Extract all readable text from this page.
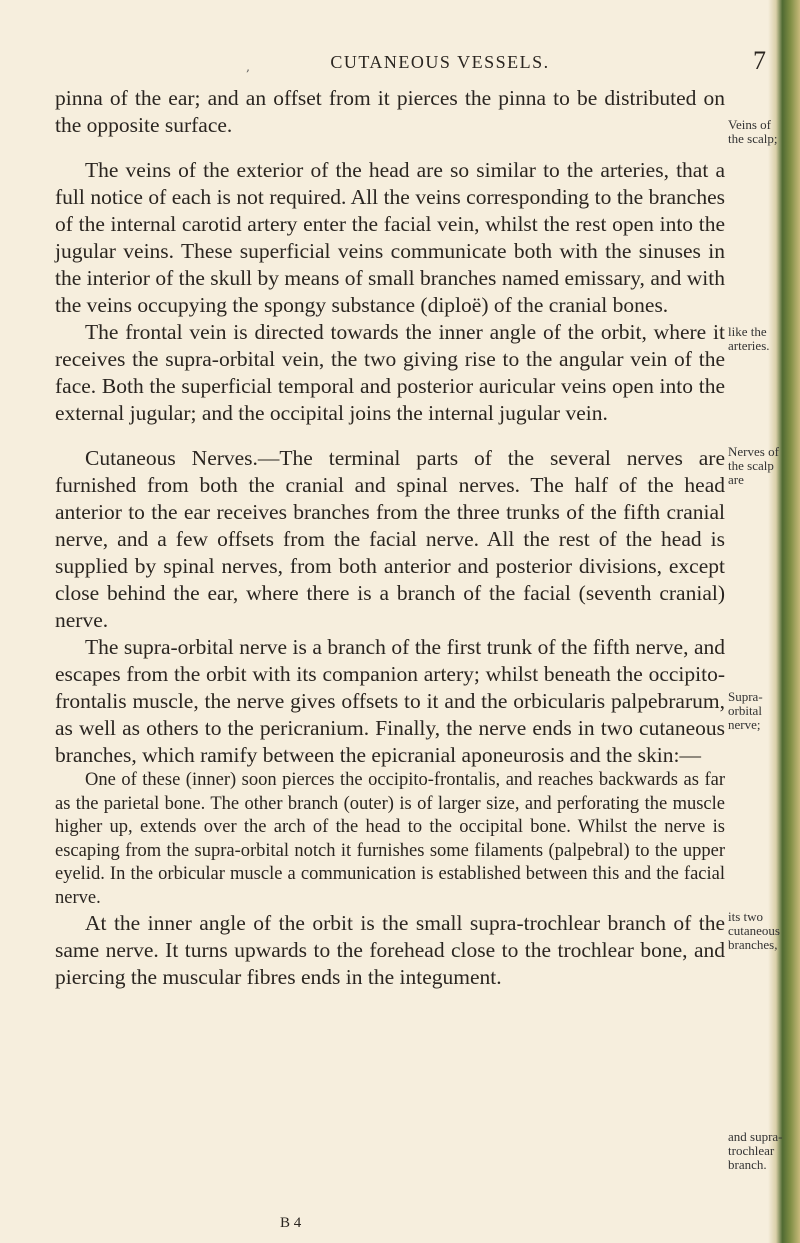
‚	CUTANEOUS VESSELS.	7

pinna of the ear; and an offset from it pierces the pinna to be distributed on the opposite surface.

The veins of the exterior of the head are so similar to the arteries, that a full notice of each is not required. All the veins corresponding to the branches of the internal carotid artery enter the facial vein, whilst the rest open into the jugular veins. These superficial veins communicate both with the sinuses in the interior of the skull by means of small branches named emissary, and with the veins occupying the spongy substance (diploë) of the cranial bones.

The frontal vein is directed towards the inner angle of the orbit, where it receives the supra-orbital vein, the two giving rise to the angular vein of the face. Both the superficial temporal and posterior auricular veins open into the external jugular; and the occipital joins the internal jugular vein.

Cutaneous Nerves.—The terminal parts of the several nerves are furnished from both the cranial and spinal nerves. The half of the head anterior to the ear receives branches from the three trunks of the fifth cranial nerve, and a few offsets from the facial nerve. All the rest of the head is supplied by spinal nerves, from both anterior and posterior divisions, except close behind the ear, where there is a branch of the facial (seventh cranial) nerve.

The supra-orbital nerve is a branch of the first trunk of the fifth nerve, and escapes from the orbit with its companion artery; whilst beneath the occipito-frontalis muscle, the nerve gives offsets to it and the orbicularis palpebrarum, as well as others to the pericranium. Finally, the nerve ends in two cutaneous branches, which ramify between the epicranial aponeurosis and the skin:—

One of these (inner) soon pierces the occipito-frontalis, and reaches backwards as far as the parietal bone. The other branch (outer) is of larger size, and perforating the muscle higher up, extends over the arch of the head to the occipital bone. Whilst the nerve is escaping from the supra-orbital notch it furnishes some filaments (palpebral) to the upper eyelid. In the orbicular muscle a communication is established between this and the facial nerve.

At the inner angle of the orbit is the small supra-trochlear branch of the same nerve. It turns upwards to the forehead close to the trochlear bone, and piercing the muscular fibres ends in the integument.

B 4
Veins of the scalp;
like the arteries.
Nerves of the scalp are
Supra-orbital nerve;
its two cutaneous branches,
and supra-trochlear branch.
